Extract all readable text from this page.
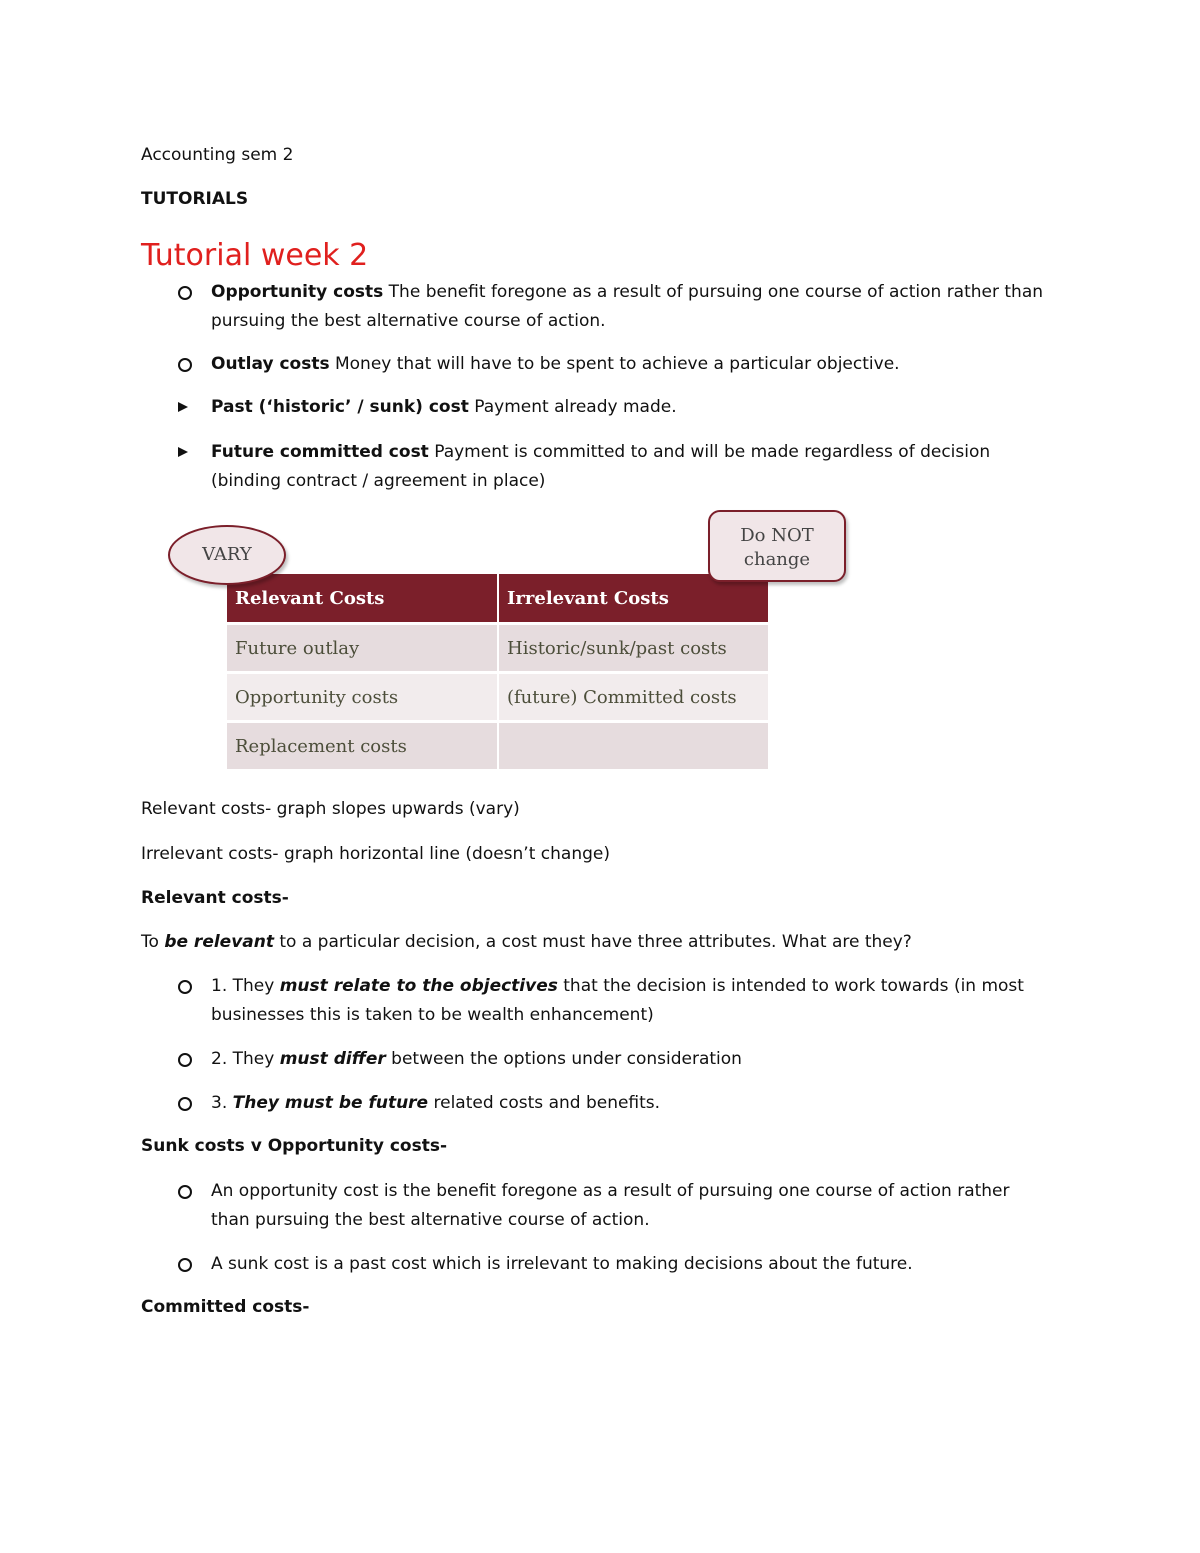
Accounting sem 2
TUTORIALS
Tutorial week 2
Opportunity costs The benefit foregone as a result of pursuing one course of action rather than
pursuing the best alternative course of action.
Outlay costs Money that will have to be spent to achieve a particular objective.
Past (‘historic’ / sunk) cost Payment already made.
Future committed cost Payment is committed to and will be made regardless of decision
(binding contract / agreement in place)
Relevant Costs	Irrelevant Costs
Future outlay	Historic/sunk/past costs
Opportunity costs	(future) Committed costs
Replacement costs	
VARY
Do NOT
change
Relevant costs- graph slopes upwards (vary)
Irrelevant costs- graph horizontal line (doesn’t change)
Relevant costs-
To be relevant to a particular decision, a cost must have three attributes. What are they?
1. They must relate to the objectives that the decision is intended to work towards (in most
businesses this is taken to be wealth enhancement)
2. They must differ between the options under consideration
3. They must be future related costs and benefits.
Sunk costs v Opportunity costs-
An opportunity cost is the benefit foregone as a result of pursuing one course of action rather
than pursuing the best alternative course of action.
A sunk cost is a past cost which is irrelevant to making decisions about the future.
Committed costs-
